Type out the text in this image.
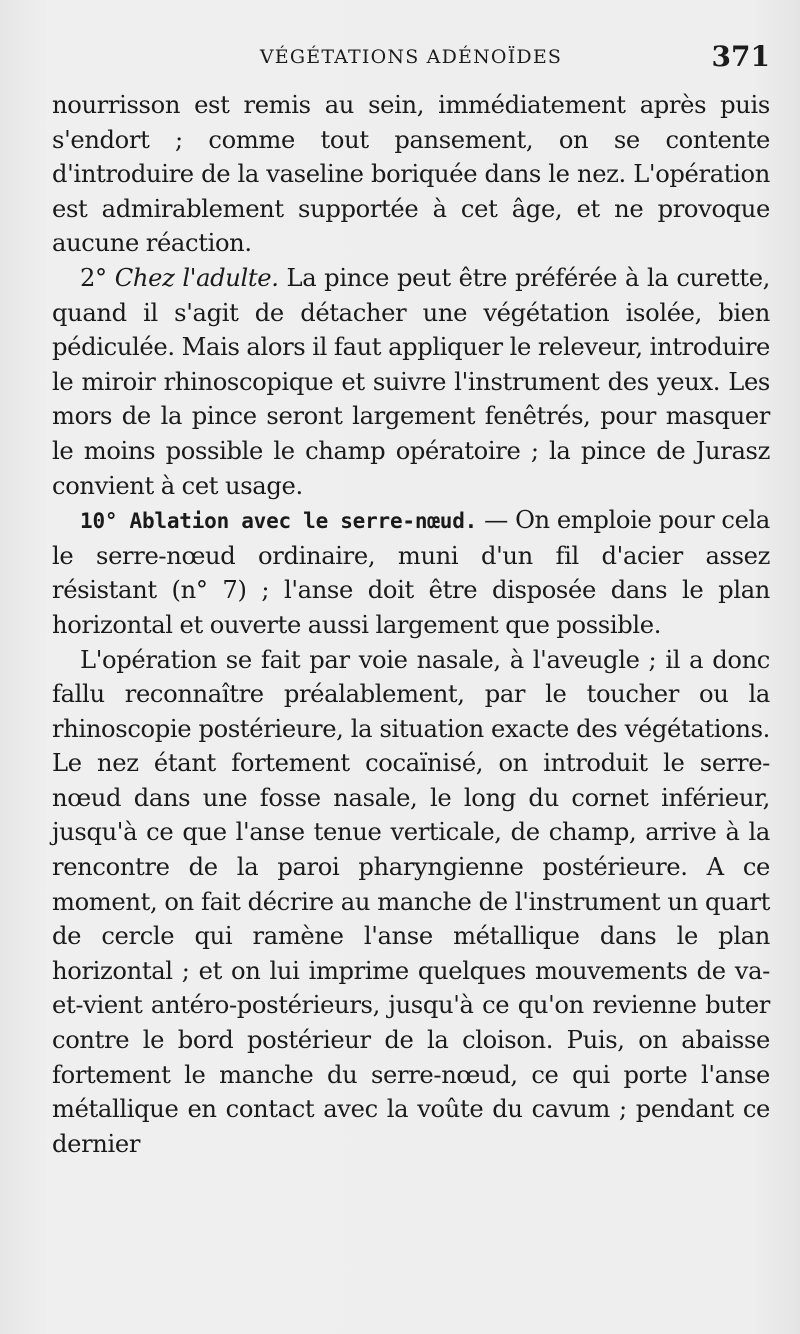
VÉGÉTATIONS ADÉNOÏDES	371

nourrisson est remis au sein, immédiatement après puis s'endort ; comme tout pansement, on se contente d'introduire de la vaseline boriquée dans le nez. L'opération est admirablement supportée à cet âge, et ne provoque aucune réaction.

2° Chez l'adulte. La pince peut être préférée à la curette, quand il s'agit de détacher une végétation isolée, bien pédiculée. Mais alors il faut appliquer le releveur, introduire le miroir rhinoscopique et suivre l'instrument des yeux. Les mors de la pince seront largement fenêtrés, pour masquer le moins possible le champ opératoire ; la pince de Jurasz convient à cet usage.

10° Ablation avec le serre-nœud. — On emploie pour cela le serre-nœud ordinaire, muni d'un fil d'acier assez résistant (n° 7) ; l'anse doit être disposée dans le plan horizontal et ouverte aussi largement que possible.

L'opération se fait par voie nasale, à l'aveugle ; il a donc fallu reconnaître préalablement, par le toucher ou la rhinoscopie postérieure, la situation exacte des végétations. Le nez étant fortement cocaïnisé, on introduit le serre-nœud dans une fosse nasale, le long du cornet inférieur, jusqu'à ce que l'anse tenue verticale, de champ, arrive à la rencontre de la paroi pharyngienne postérieure. A ce moment, on fait décrire au manche de l'instrument un quart de cercle qui ramène l'anse métallique dans le plan horizontal ; et on lui imprime quelques mouvements de va-et-vient antéro-postérieurs, jusqu'à ce qu'on revienne buter contre le bord postérieur de la cloison. Puis, on abaisse fortement le manche du serre-nœud, ce qui porte l'anse métallique en contact avec la voûte du cavum ; pendant ce dernier
